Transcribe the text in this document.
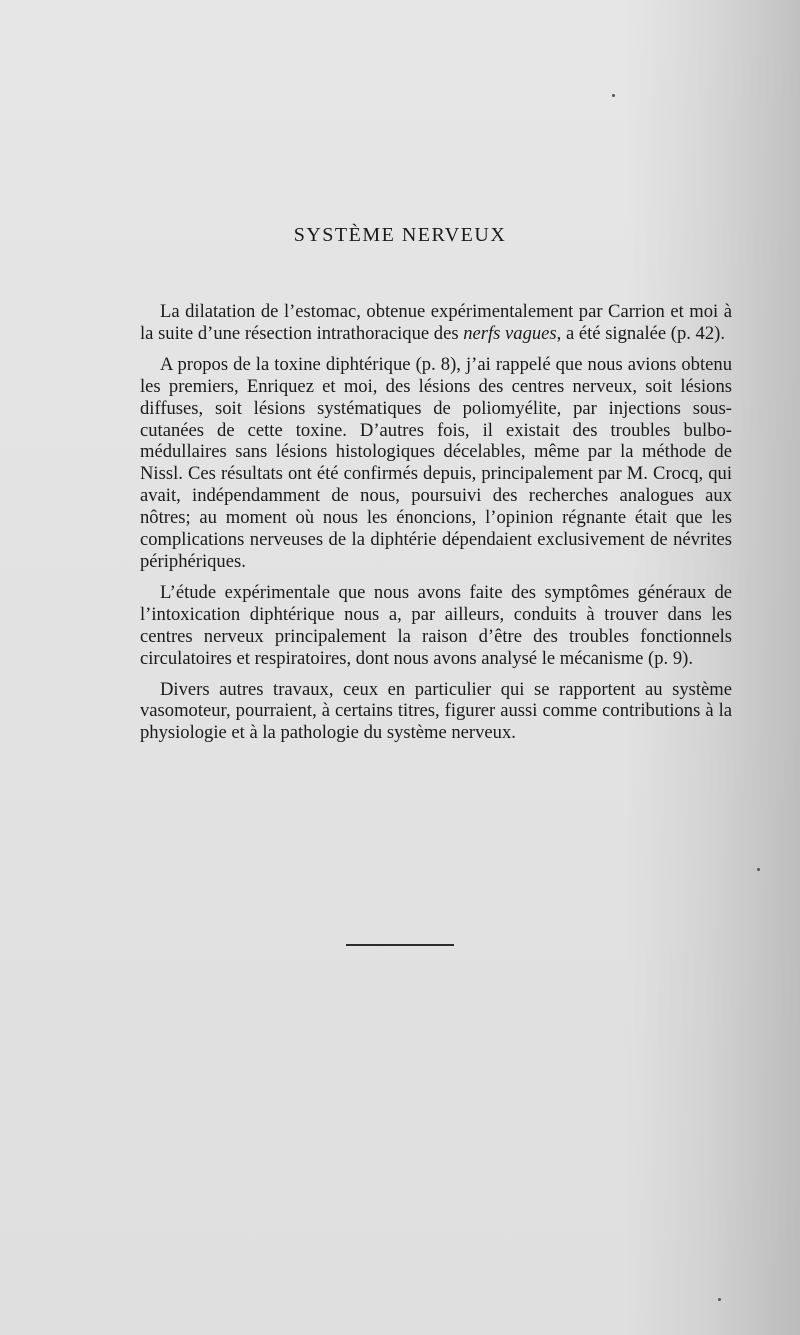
SYSTÈME NERVEUX

La dilatation de l’estomac, obtenue expérimentalement par Carrion et moi à la suite d’une résection intrathoracique des nerfs vagues, a été signalée (p. 42).

A propos de la toxine diphtérique (p. 8), j’ai rappelé que nous avions obtenu les premiers, Enriquez et moi, des lésions des centres nerveux, soit lésions diffuses, soit lésions systématiques de poliomyélite, par injections sous-cutanées de cette toxine. D’autres fois, il existait des troubles bulbo-médullaires sans lésions histologiques décelables, même par la méthode de Nissl. Ces résultats ont été confirmés depuis, principalement par M. Crocq, qui avait, indépendamment de nous, poursuivi des recherches analogues aux nôtres; au moment où nous les énoncions, l’opinion régnante était que les complications nerveuses de la diphtérie dépendaient exclusivement de névrites périphériques.

L’étude expérimentale que nous avons faite des symptômes généraux de l’intoxication diphtérique nous a, par ailleurs, conduits à trouver dans les centres nerveux principalement la raison d’être des troubles fonctionnels circulatoires et respiratoires, dont nous avons analysé le mécanisme (p. 9).

Divers autres travaux, ceux en particulier qui se rapportent au système vasomoteur, pourraient, à certains titres, figurer aussi comme contributions à la physiologie et à la pathologie du système nerveux.
